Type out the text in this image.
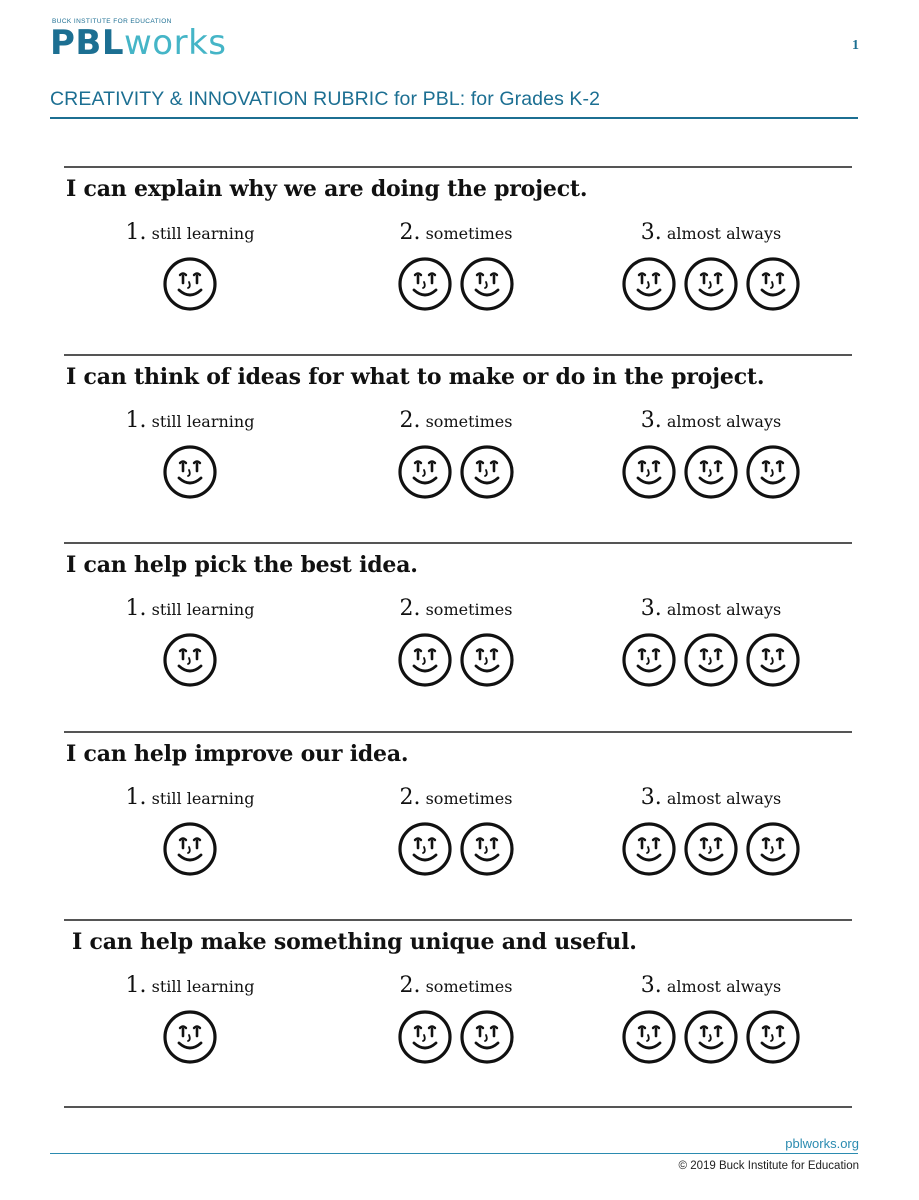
BUCK INSTITUTE FOR EDUCATION
PBLworks	1
CREATIVITY & INNOVATION RUBRIC for PBL: for Grades K-2
I can explain why we are doing the project.
1. still learning	2. sometimes	3. almost always
I can think of ideas for what to make or do in the project.
1. still learning	2. sometimes	3. almost always
I can help pick the best idea.
1. still learning	2. sometimes	3. almost always
I can help improve our idea.
1. still learning	2. sometimes	3. almost always
I can help make something unique and useful.
1. still learning	2. sometimes	3. almost always
pblworks.org
© 2019 Buck Institute for Education
